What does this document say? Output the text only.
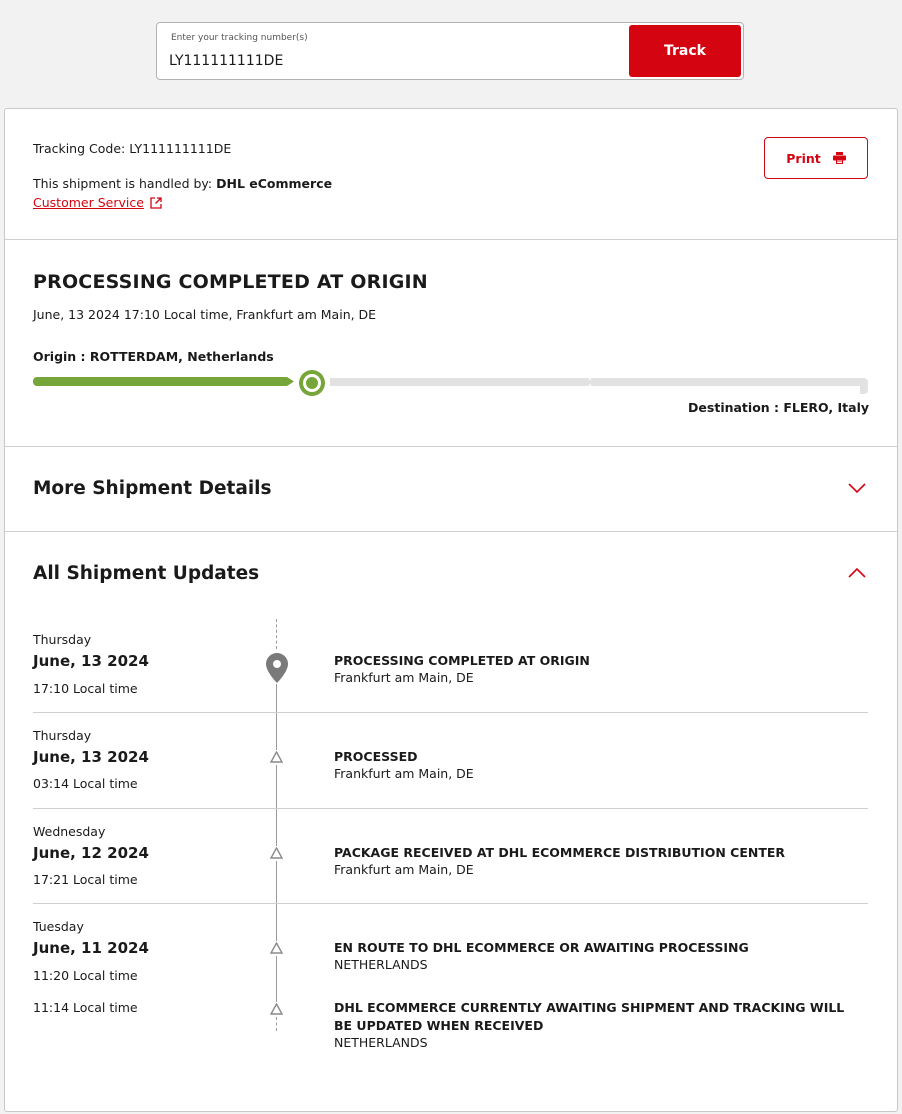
Enter your tracking number(s)
LY111111111DE
Track
Tracking Code: LY111111111DE
This shipment is handled by: DHL eCommerce
Customer Service
Print
PROCESSING COMPLETED AT ORIGIN
June, 13 2024 17:10 Local time, Frankfurt am Main, DE
Origin : ROTTERDAM, Netherlands
Destination : FLERO, Italy
More Shipment Details
All Shipment Updates
Thursday
June, 13 2024
17:10 Local time
PROCESSING COMPLETED AT ORIGIN
Frankfurt am Main, DE
Thursday
June, 13 2024
03:14 Local time
PROCESSED
Frankfurt am Main, DE
Wednesday
June, 12 2024
17:21 Local time
PACKAGE RECEIVED AT DHL ECOMMERCE DISTRIBUTION CENTER
Frankfurt am Main, DE
Tuesday
June, 11 2024
11:20 Local time
EN ROUTE TO DHL ECOMMERCE OR AWAITING PROCESSING
NETHERLANDS
11:14 Local time	DHL ECOMMERCE CURRENTLY AWAITING SHIPMENT AND TRACKING WILL BE UPDATED WHEN RECEIVED
NETHERLANDS
